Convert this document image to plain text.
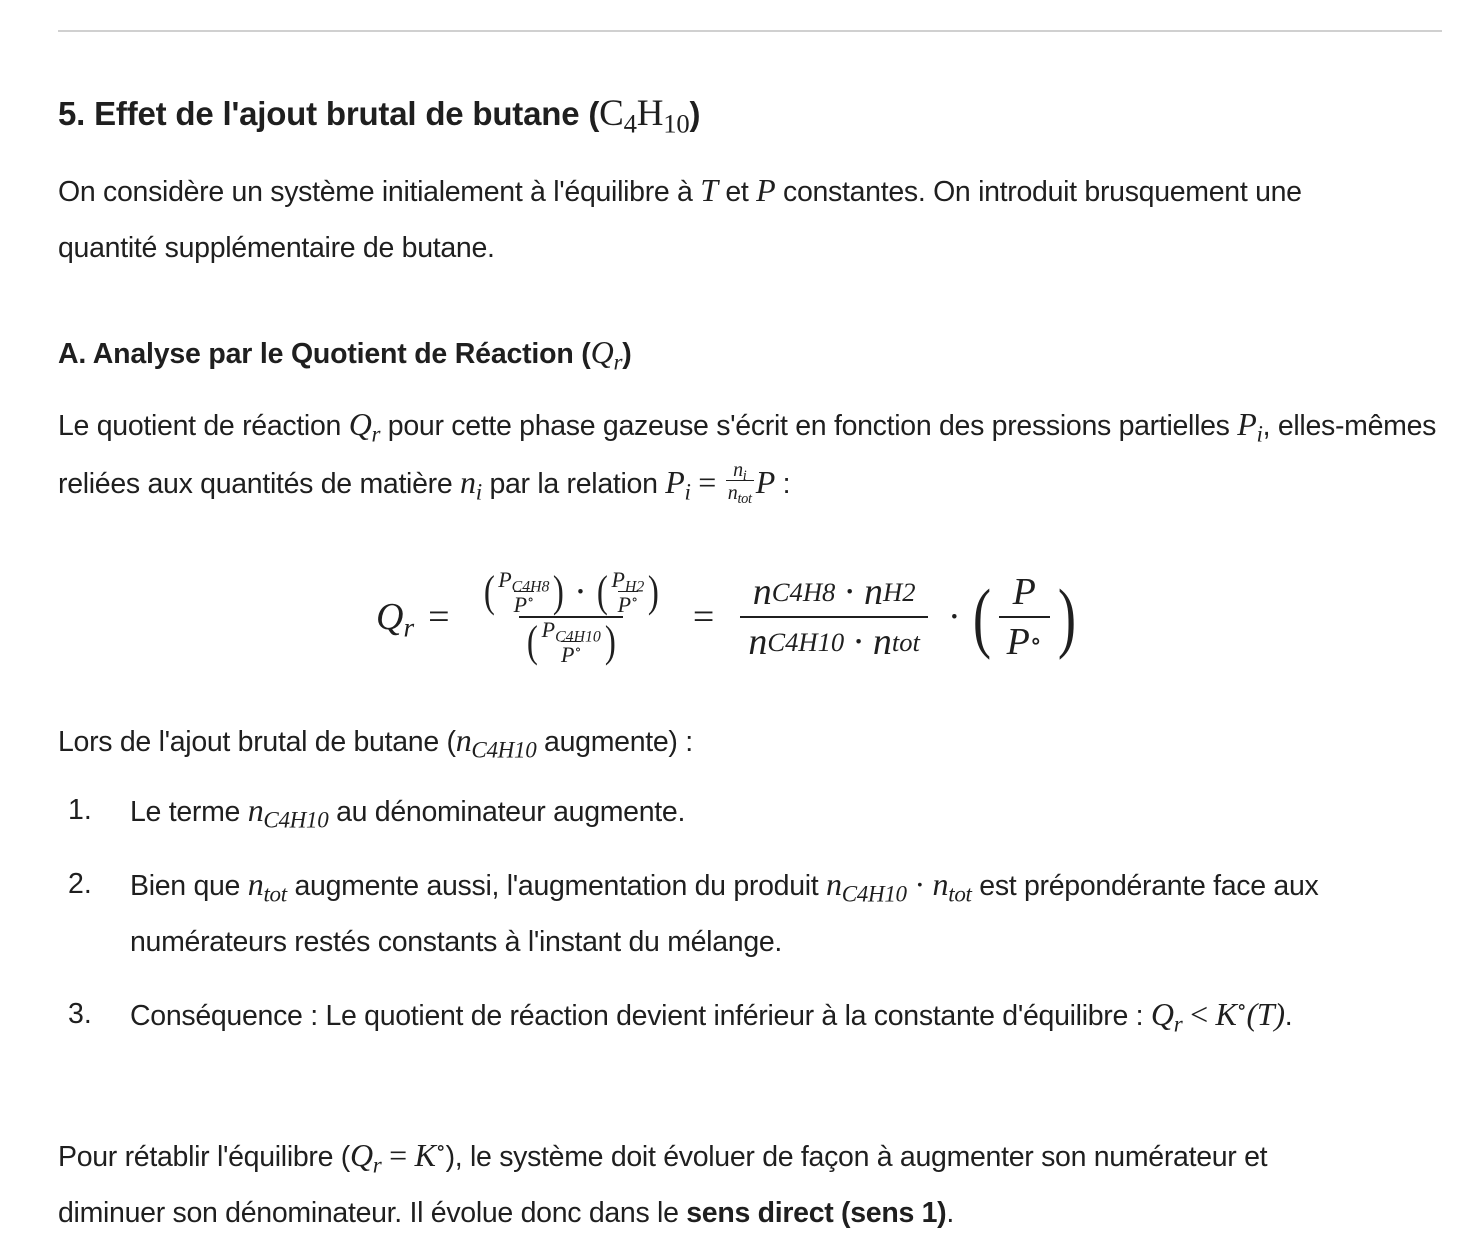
5. Effet de l'ajout brutal de butane $(C_4H_{10})$

On considère un système initialement à l'équilibre à T et P constantes. On introduit brusquement une quantité supplémentaire de butane.

A. Analyse par le Quotient de Réaction $(Q_r)$

Le quotient de réaction $Q_r$ pour cette phase gazeuse s'écrit en fonction des pressions partielles $P_i$, elles-mêmes reliées aux quantités de matière $n_i$ par la relation $P_i = \frac{n_i}{n_{tot}}$ P :

$Q_r$ =
( $\frac{P_{C4H8}}{P^\circ}$ ) · ( $\frac{P_{H2}}{P^\circ}$ )
( $\frac{P_{C4H10}}{P^\circ}$ )
= $\frac{\text{n C4H8 · n H2}}{\text{n C4H10 · n tot}}$ · ( $\frac{P}{P \circ}$ )

Lors de l'ajout brutal de butane ($n_{C4H10}$ augmente) :

1. Le terme $n_{C4H10}$ au dénominateur augmente.

2. Bien que $n_{tot}$ augmente aussi, l'augmentation du produit $n_{C4H10} \cdot n_{tot}$ est prépondérante face aux numérateurs restés constants à l'instant du mélange.

3. Conséquence : Le quotient de réaction devient inférieur à la constante d'équilibre : $Q_r < K^\circ(T)$.

Pour rétablir l'équilibre $(Q_r = K^\circ)$, le système doit évoluer de façon à augmenter son numérateur et diminuer son dénominateur. Il évolue donc dans le sens direct (sens 1).
